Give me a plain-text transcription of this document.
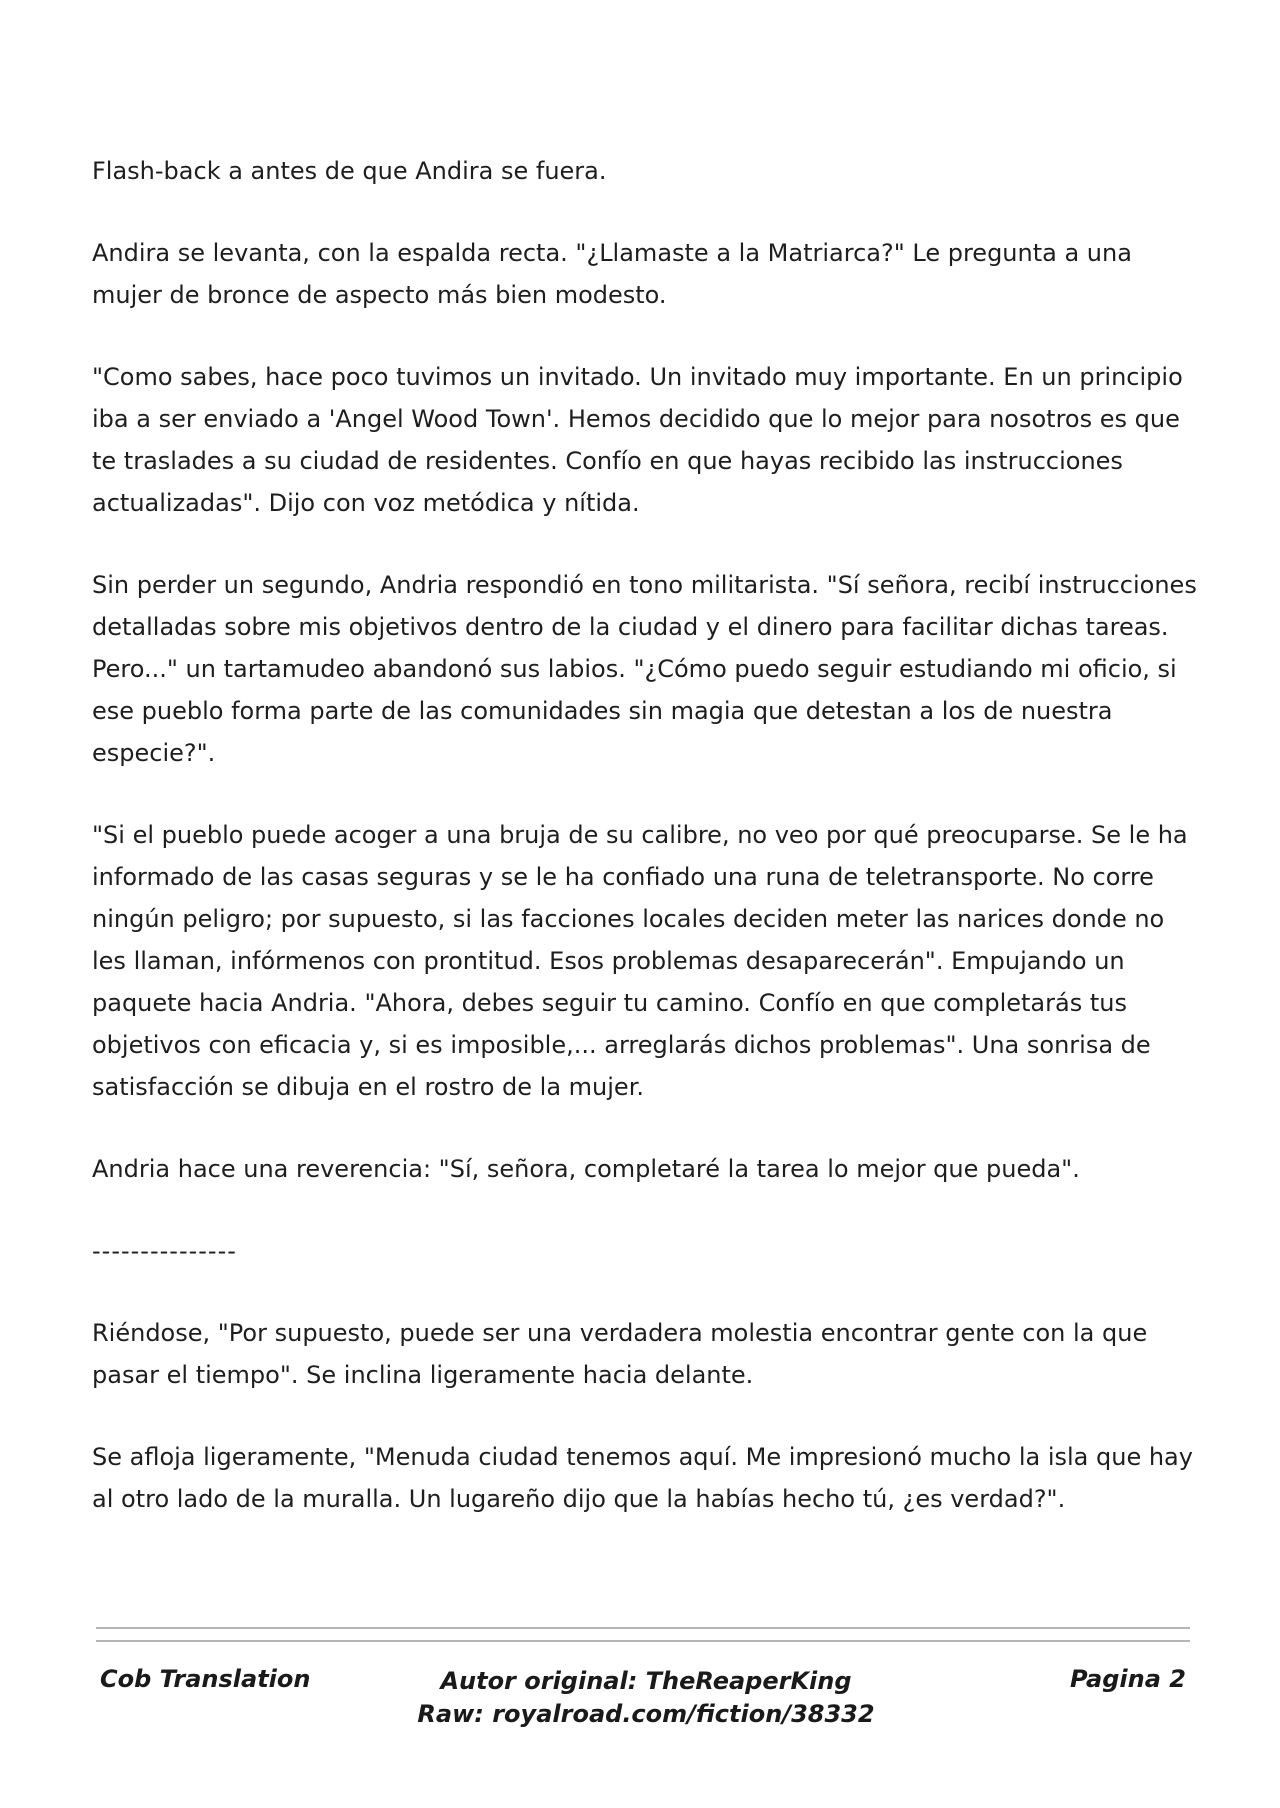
Flash-back a antes de que Andira se fuera.

Andira se levanta, con la espalda recta. "¿Llamaste a la Matriarca?" Le pregunta a una mujer de bronce de aspecto más bien modesto.

"Como sabes, hace poco tuvimos un invitado. Un invitado muy importante. En un principio iba a ser enviado a 'Angel Wood Town'. Hemos decidido que lo mejor para nosotros es que te traslades a su ciudad de residentes. Confío en que hayas recibido las instrucciones actualizadas". Dijo con voz metódica y nítida.

Sin perder un segundo, Andria respondió en tono militarista. "Sí señora, recibí instrucciones detalladas sobre mis objetivos dentro de la ciudad y el dinero para facilitar dichas tareas. Pero..." un tartamudeo abandonó sus labios. "¿Cómo puedo seguir estudiando mi oficio, si ese pueblo forma parte de las comunidades sin magia que detestan a los de nuestra especie?".

"Si el pueblo puede acoger a una bruja de su calibre, no veo por qué preocuparse. Se le ha informado de las casas seguras y se le ha confiado una runa de teletransporte. No corre ningún peligro; por supuesto, si las facciones locales deciden meter las narices donde no les llaman, infórmenos con prontitud. Esos problemas desaparecerán". Empujando un paquete hacia Andria. "Ahora, debes seguir tu camino. Confío en que completarás tus objetivos con eficacia y, si es imposible,... arreglarás dichos problemas". Una sonrisa de satisfacción se dibuja en el rostro de la mujer.

Andria hace una reverencia: "Sí, señora, completaré la tarea lo mejor que pueda".

---------------

Riéndose, "Por supuesto, puede ser una verdadera molestia encontrar gente con la que pasar el tiempo". Se inclina ligeramente hacia delante.

Se afloja ligeramente, "Menuda ciudad tenemos aquí. Me impresionó mucho la isla que hay al otro lado de la muralla. Un lugareño dijo que la habías hecho tú, ¿es verdad?".

Cob Translation	Autor original: TheReaperKing
Raw: royalroad.com/fiction/38332
Pagina 2
